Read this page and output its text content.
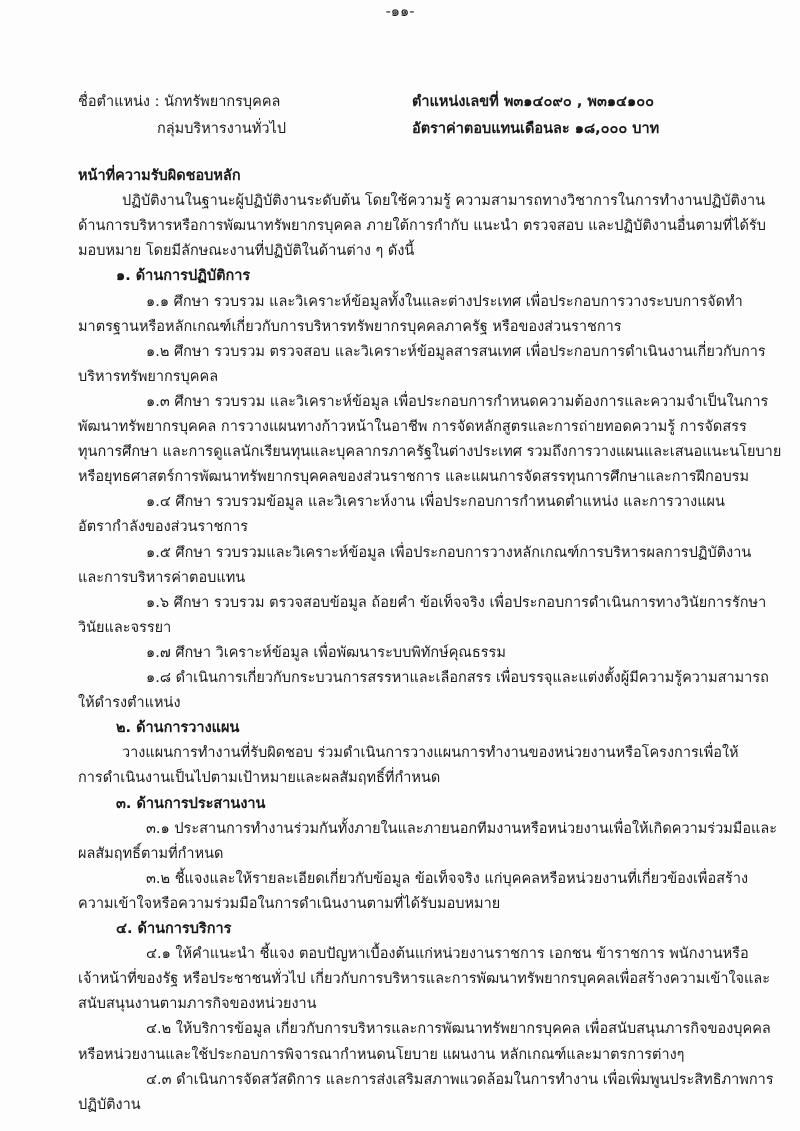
-๑๑-
ชื่อตำแหน่ง : นักทรัพยากรบุคคล
กลุ่มบริหารงานทั่วไป
ตำแหน่งเลขที่ พ๓๑๔๐๙๐ , พ๓๑๔๑๐๐
อัตราค่าตอบแทนเดือนละ ๑๘,๐๐๐ บาท
หน้าที่ความรับผิดชอบหลัก
ปฏิบัติงานในฐานะผู้ปฏิบัติงานระดับต้น โดยใช้ความรู้ ความสามารถทางวิชาการในการทำงานปฏิบัติงาน
ด้านการบริหารหรือการพัฒนาทรัพยากรบุคคล ภายใต้การกำกับ แนะนำ ตรวจสอบ และปฏิบัติงานอื่นตามที่ได้รับ
มอบหมาย โดยมีลักษณะงานที่ปฏิบัติในด้านต่าง ๆ ดังนี้
๑. ด้านการปฏิบัติการ
๑.๑ ศึกษา รวบรวม และวิเคราะห์ข้อมูลทั้งในและต่างประเทศ เพื่อประกอบการวางระบบการจัดทำ
มาตรฐานหรือหลักเกณฑ์เกี่ยวกับการบริหารทรัพยากรบุคคลภาครัฐ หรือของส่วนราชการ
๑.๒ ศึกษา รวบรวม ตรวจสอบ และวิเคราะห์ข้อมูลสารสนเทศ เพื่อประกอบการดำเนินงานเกี่ยวกับการ
บริหารทรัพยากรบุคคล
๑.๓ ศึกษา รวบรวม และวิเคราะห์ข้อมูล เพื่อประกอบการกำหนดความต้องการและความจำเป็นในการ
พัฒนาทรัพยากรบุคคล การวางแผนทางก้าวหน้าในอาชีพ การจัดหลักสูตรและการถ่ายทอดความรู้ การจัดสรร
ทุนการศึกษา และการดูแลนักเรียนทุนและบุคลากรภาครัฐในต่างประเทศ รวมถึงการวางแผนและเสนอแนะนโยบาย
หรือยุทธศาสตร์การพัฒนาทรัพยากรบุคคลของส่วนราชการ และแผนการจัดสรรทุนการศึกษาและการฝึกอบรม
๑.๔ ศึกษา รวบรวมข้อมูล และวิเคราะห์งาน เพื่อประกอบการกำหนดตำแหน่ง และการวางแผน
อัตรากำลังของส่วนราชการ
๑.๕ ศึกษา รวบรวมและวิเคราะห์ข้อมูล เพื่อประกอบการวางหลักเกณฑ์การบริหารผลการปฏิบัติงาน
และการบริหารค่าตอบแทน
๑.๖ ศึกษา รวบรวม ตรวจสอบข้อมูล ถ้อยคำ ข้อเท็จจริง เพื่อประกอบการดำเนินการทางวินัยการรักษา
วินัยและจรรยา
๑.๗ ศึกษา วิเคราะห์ข้อมูล เพื่อพัฒนาระบบพิทักษ์คุณธรรม
๑.๘ ดำเนินการเกี่ยวกับกระบวนการสรรหาและเลือกสรร เพื่อบรรจุและแต่งตั้งผู้มีความรู้ความสามารถ
ให้ดำรงตำแหน่ง
๒. ด้านการวางแผน
วางแผนการทำงานที่รับผิดชอบ ร่วมดำเนินการวางแผนการทำงานของหน่วยงานหรือโครงการเพื่อให้
การดำเนินงานเป็นไปตามเป้าหมายและผลสัมฤทธิ์ที่กำหนด
๓. ด้านการประสานงาน
๓.๑ ประสานการทำงานร่วมกันทั้งภายในและภายนอกทีมงานหรือหน่วยงานเพื่อให้เกิดความร่วมมือและ
ผลสัมฤทธิ์ตามที่กำหนด
๓.๒ ชี้แจงและให้รายละเอียดเกี่ยวกับข้อมูล ข้อเท็จจริง แก่บุคคลหรือหน่วยงานที่เกี่ยวข้องเพื่อสร้าง
ความเข้าใจหรือความร่วมมือในการดำเนินงานตามที่ได้รับมอบหมาย
๔. ด้านการบริการ
๔.๑ ให้คำแนะนำ ชี้แจง ตอบปัญหาเบื้องต้นแก่หน่วยงานราชการ เอกชน ข้าราชการ พนักงานหรือ
เจ้าหน้าที่ของรัฐ หรือประชาชนทั่วไป เกี่ยวกับการบริหารและการพัฒนาทรัพยากรบุคคลเพื่อสร้างความเข้าใจและ
สนับสนุนงานตามภารกิจของหน่วยงาน
๔.๒ ให้บริการข้อมูล เกี่ยวกับการบริหารและการพัฒนาทรัพยากรบุคคล เพื่อสนับสนุนภารกิจของบุคคล
หรือหน่วยงานและใช้ประกอบการพิจารณากำหนดนโยบาย แผนงาน หลักเกณฑ์และมาตรการต่างๆ
๔.๓ ดำเนินการจัดสวัสดิการ และการส่งเสริมสภาพแวดล้อมในการทำงาน เพื่อเพิ่มพูนประสิทธิภาพการ
ปฏิบัติงาน
